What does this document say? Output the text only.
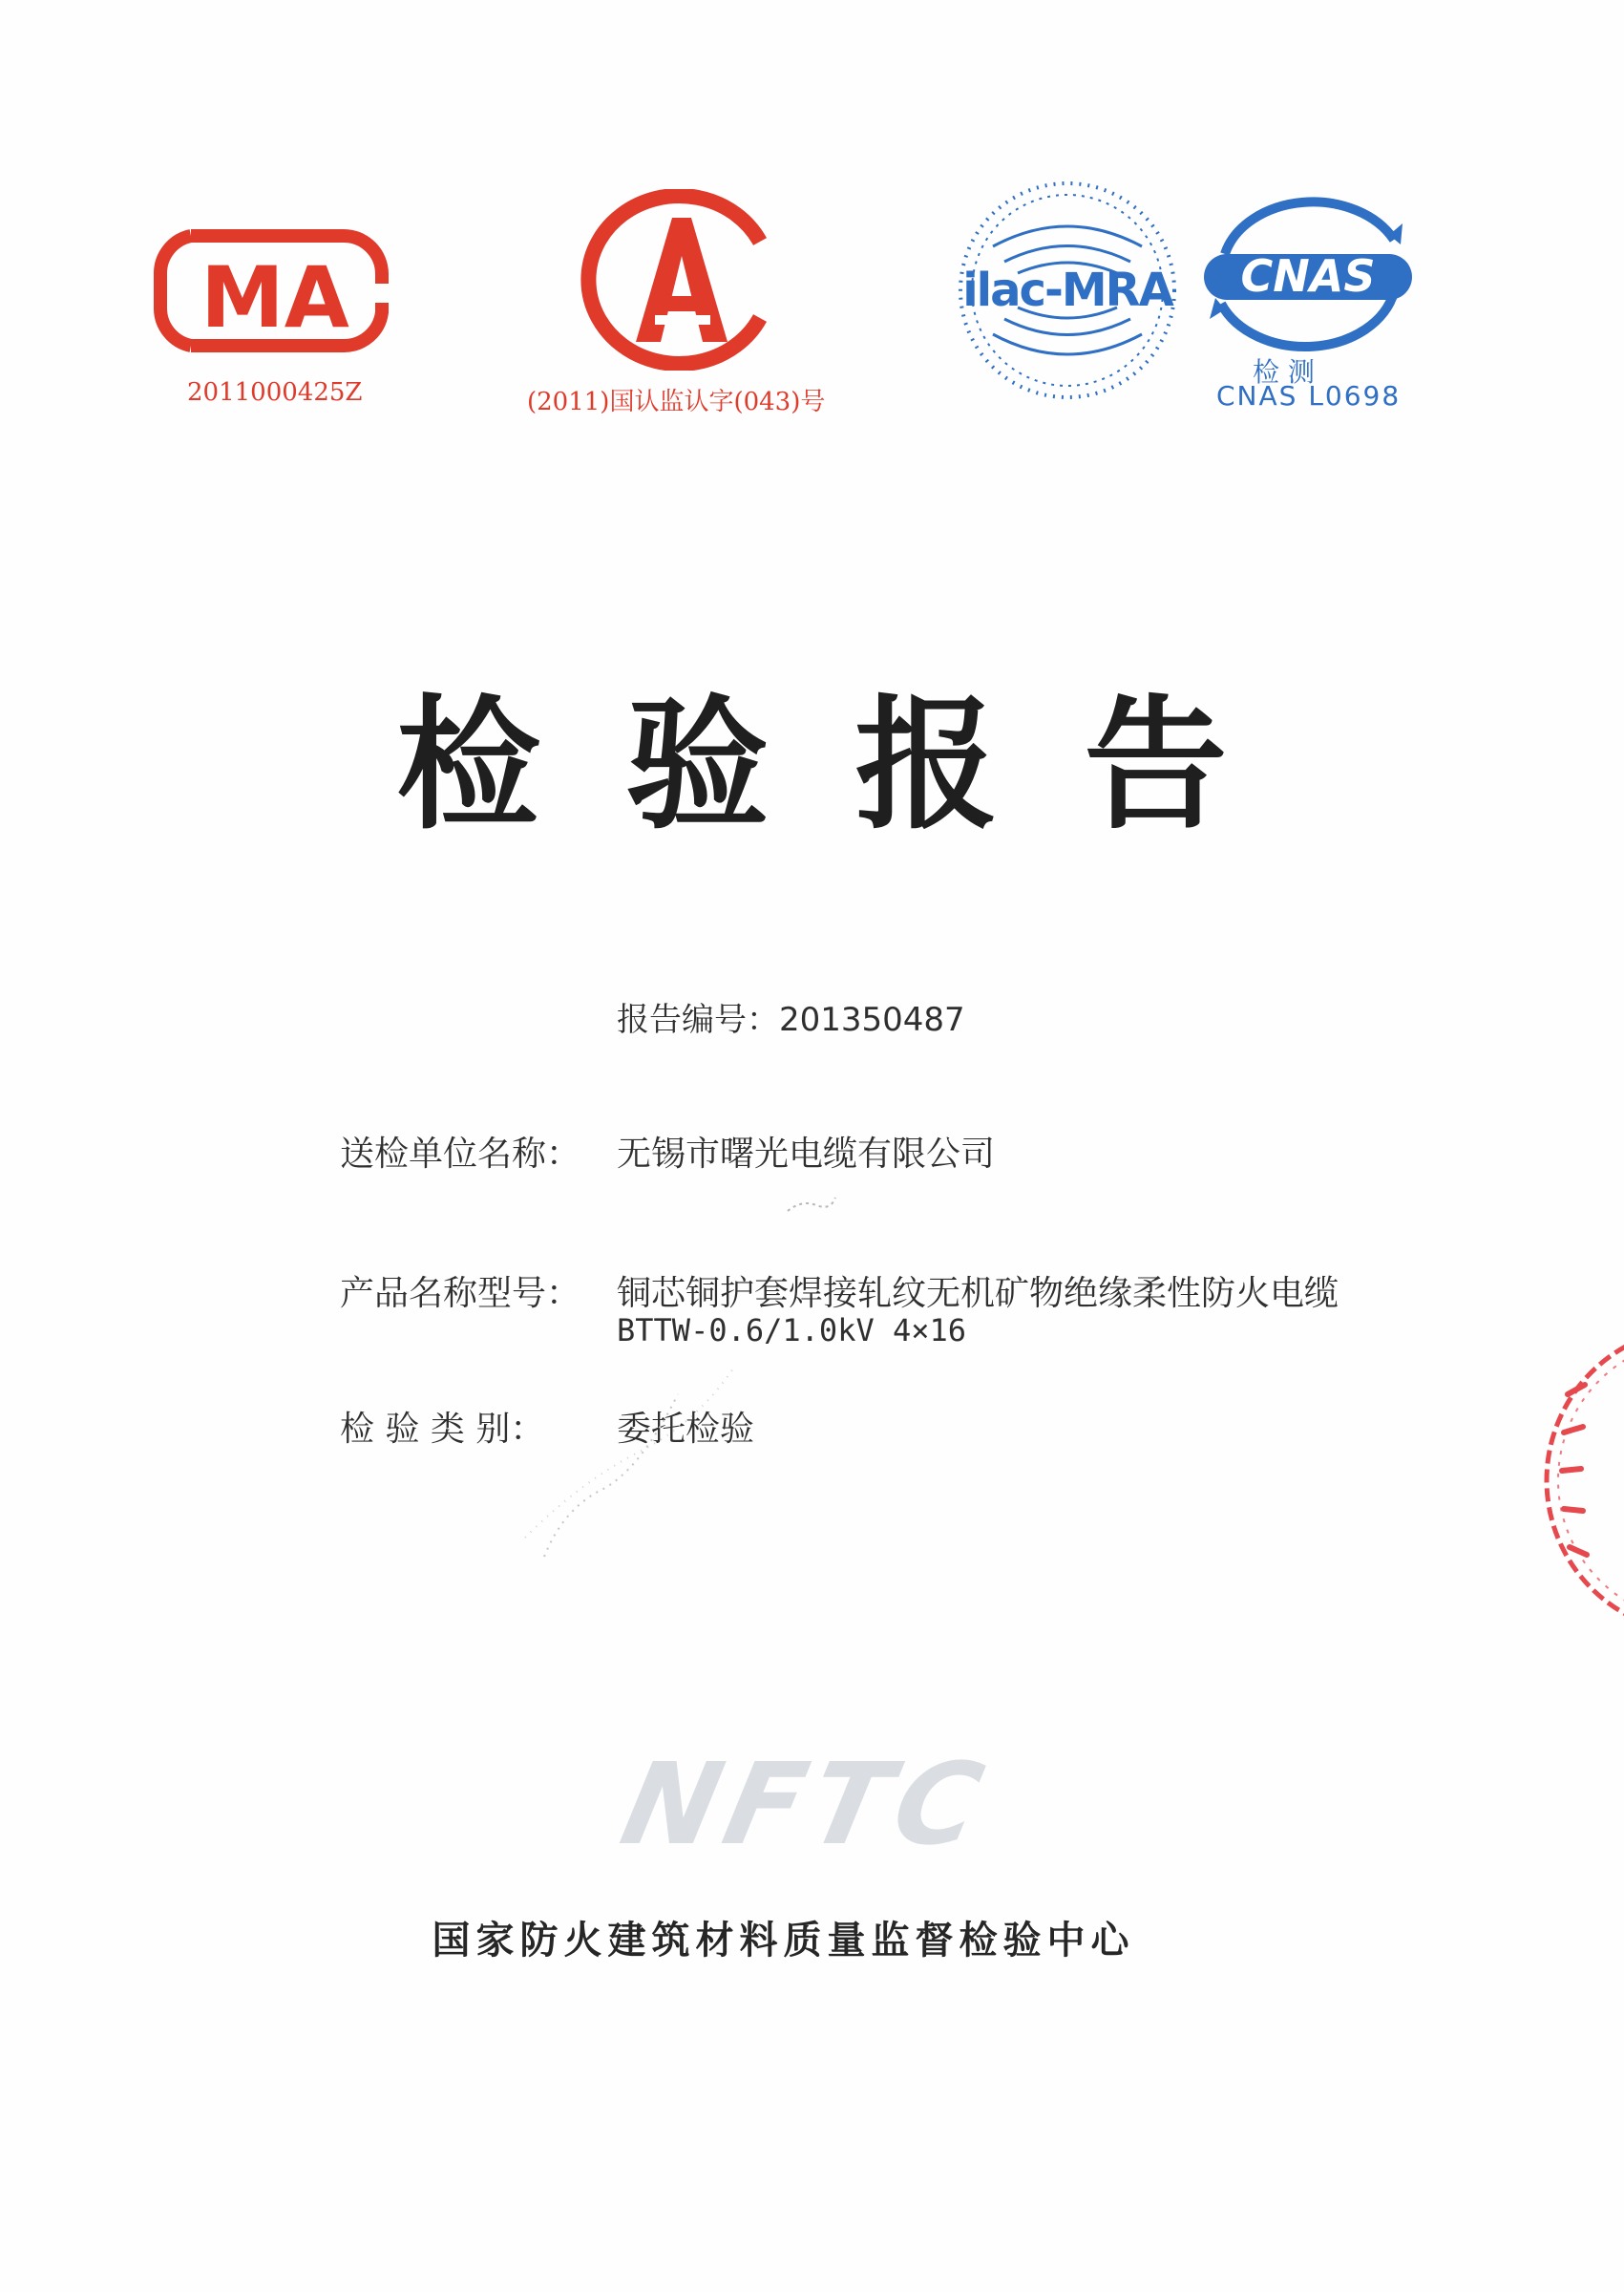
MA
2011000425Z	(2011)国认监认字(043)号
ilac-MRA CNAS
检 测
CNAS L0698
检验报告
报告编号：201350487
送检单位名称： 无锡市曙光电缆有限公司
产品名称型号： 铜芯铜护套焊接轧纹无机矿物绝缘柔性防火电缆
BTTW-0.6/1.0kV 4×16
检 验 类 别： 委托检验
NFTC
国家防火建筑材料质量监督检验中心
